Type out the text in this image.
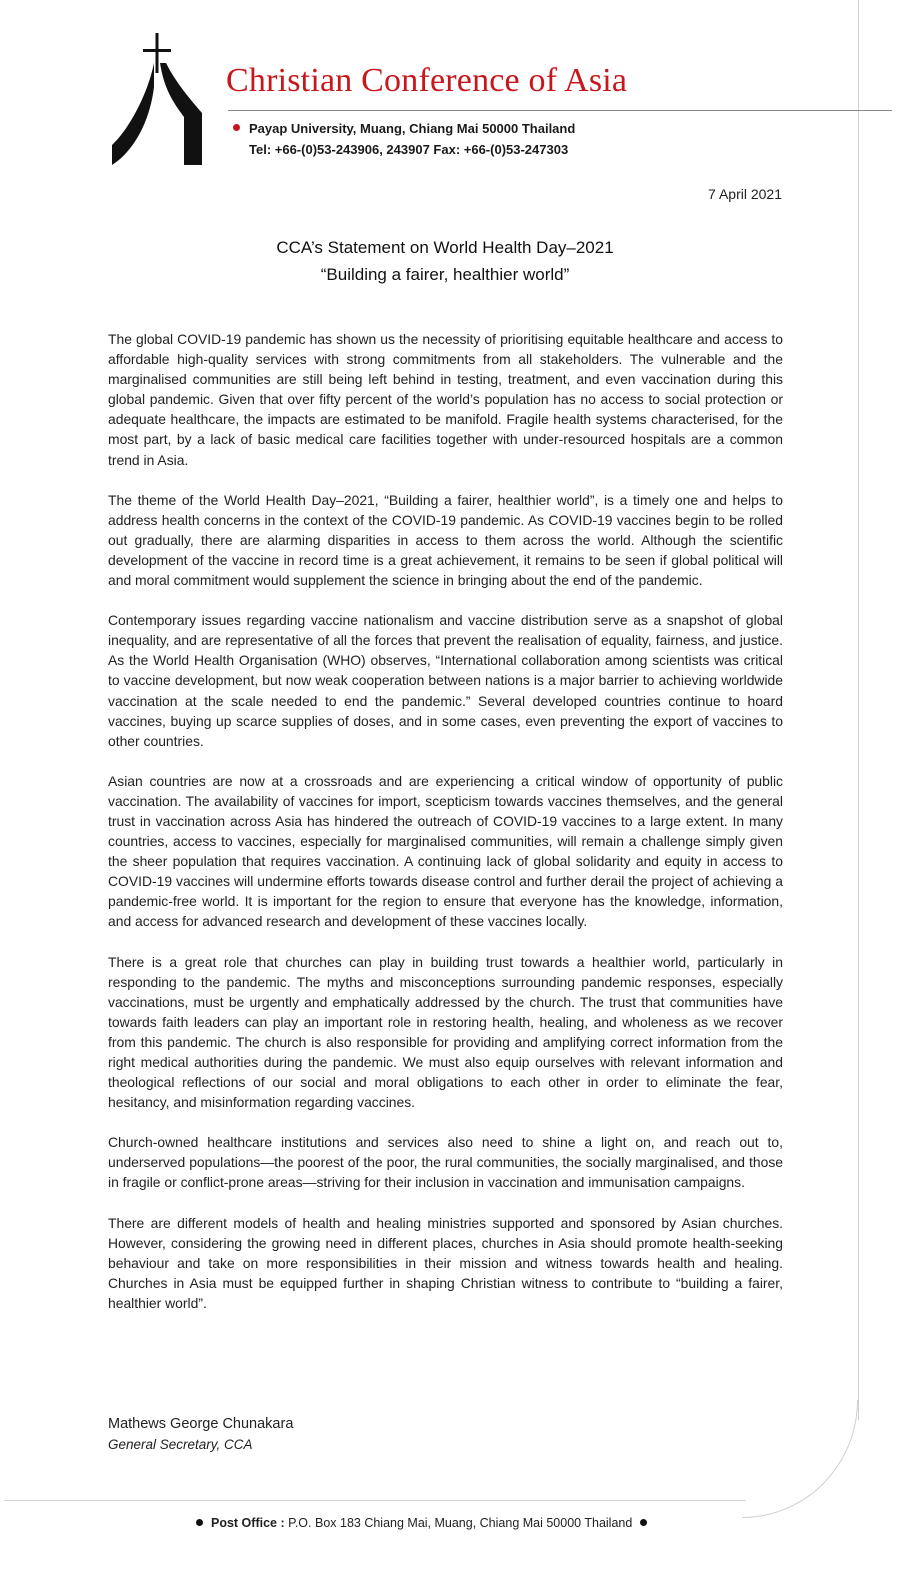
Christian Conference of Asia
Payap University, Muang, Chiang Mai 50000 Thailand
Tel: +66-(0)53-243906, 243907 Fax: +66-(0)53-247303
7 April 2021
CCA’s Statement on World Health Day–2021
“Building a fairer, healthier world”

The global COVID-19 pandemic has shown us the necessity of prioritising equitable healthcare and access to affordable high-quality services with strong commitments from all stakeholders. The vulnerable and the marginalised communities are still being left behind in testing, treatment, and even vaccination during this global pandemic. Given that over fifty percent of the world’s population has no access to social protection or adequate healthcare, the impacts are estimated to be manifold. Fragile health systems characterised, for the most part, by a lack of basic medical care facilities together with under-resourced hospitals are a common trend in Asia.

The theme of the World Health Day–2021, “Building a fairer, healthier world”, is a timely one and helps to address health concerns in the context of the COVID-19 pandemic. As COVID-19 vaccines begin to be rolled out gradually, there are alarming disparities in access to them across the world. Although the scientific development of the vaccine in record time is a great achievement, it remains to be seen if global political will and moral commitment would supplement the science in bringing about the end of the pandemic.

Contemporary issues regarding vaccine nationalism and vaccine distribution serve as a snapshot of global inequality, and are representative of all the forces that prevent the realisation of equality, fairness, and justice. As the World Health Organisation (WHO) observes, “International collaboration among scientists was critical to vaccine development, but now weak cooperation between nations is a major barrier to achieving worldwide vaccination at the scale needed to end the pandemic.” Several developed countries continue to hoard vaccines, buying up scarce supplies of doses, and in some cases, even preventing the export of vaccines to other countries.

Asian countries are now at a crossroads and are experiencing a critical window of opportunity of public vaccination. The availability of vaccines for import, scepticism towards vaccines themselves, and the general trust in vaccination across Asia has hindered the outreach of COVID-19 vaccines to a large extent. In many countries, access to vaccines, especially for marginalised communities, will remain a challenge simply given the sheer population that requires vaccination. A continuing lack of global solidarity and equity in access to COVID-19 vaccines will undermine efforts towards disease control and further derail the project of achieving a pandemic-free world. It is important for the region to ensure that everyone has the knowledge, information, and access for advanced research and development of these vaccines locally.

There is a great role that churches can play in building trust towards a healthier world, particularly in responding to the pandemic. The myths and misconceptions surrounding pandemic responses, especially vaccinations, must be urgently and emphatically addressed by the church. The trust that communities have towards faith leaders can play an important role in restoring health, healing, and wholeness as we recover from this pandemic. The church is also responsible for providing and amplifying correct information from the right medical authorities during the pandemic. We must also equip ourselves with relevant information and theological reflections of our social and moral obligations to each other in order to eliminate the fear, hesitancy, and misinformation regarding vaccines.

Church-owned healthcare institutions and services also need to shine a light on, and reach out to, underserved populations—the poorest of the poor, the rural communities, the socially marginalised, and those in fragile or conflict-prone areas—striving for their inclusion in vaccination and immunisation campaigns.

There are different models of health and healing ministries supported and sponsored by Asian churches. However, considering the growing need in different places, churches in Asia should promote health-seeking behaviour and take on more responsibilities in their mission and witness towards health and healing. Churches in Asia must be equipped further in shaping Christian witness to contribute to “building a fairer, healthier world”.

Mathews George Chunakara
General Secretary, CCA
Post Office : P.O. Box 183 Chiang Mai, Muang, Chiang Mai 50000 Thailand
